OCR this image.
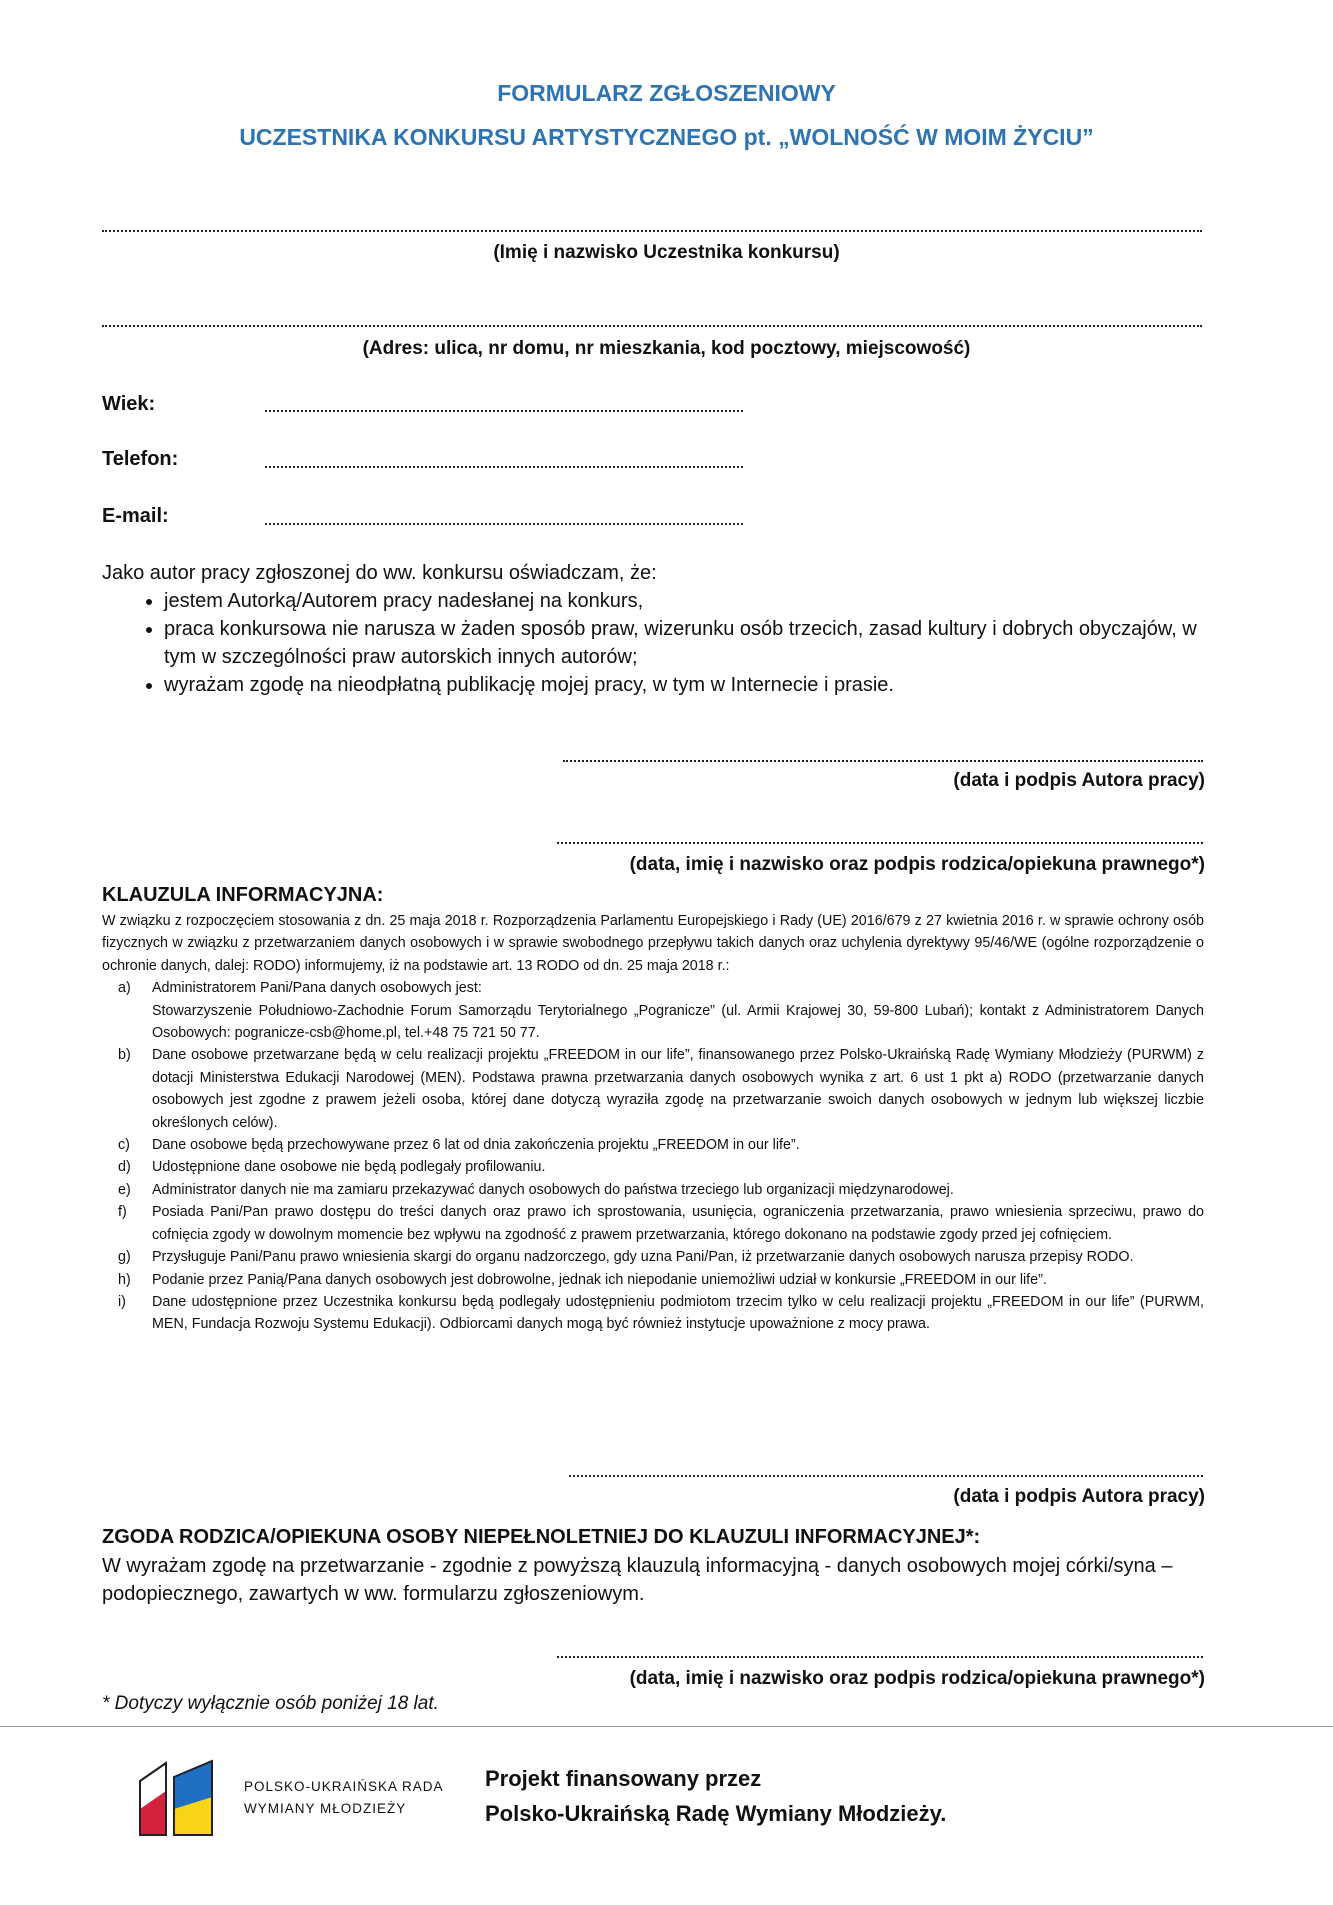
FORMULARZ ZGŁOSZENIOWY
UCZESTNIKA KONKURSU ARTYSTYCZNEGO pt. „WOLNOŚĆ W MOIM ŻYCIU”
(Imię i nazwisko Uczestnika konkursu)
(Adres: ulica, nr domu, nr mieszkania, kod pocztowy, miejscowość)
Wiek:
Telefon:
E-mail:
Jako autor pracy zgłoszonej do ww. konkursu oświadczam, że:
• jestem Autorką/Autorem pracy nadesłanej na konkurs,
• praca konkursowa nie narusza w żaden sposób praw, wizerunku osób trzecich, zasad kultury i dobrych obyczajów, w tym w szczególności praw autorskich innych autorów;
• wyrażam zgodę na nieodpłatną publikację mojej pracy, w tym w Internecie i prasie.
(data i podpis Autora pracy)
(data, imię i nazwisko oraz podpis rodzica/opiekuna prawnego*)
KLAUZULA INFORMACYJNA:

W związku z rozpoczęciem stosowania z dn. 25 maja 2018 r. Rozporządzenia Parlamentu Europejskiego i Rady (UE) 2016/679 z 27 kwietnia 2016 r. w sprawie ochrony osób fizycznych w związku z przetwarzaniem danych osobowych i w sprawie swobodnego przepływu takich danych oraz uchylenia dyrektywy 95/46/WE (ogólne rozporządzenie o ochronie danych, dalej: RODO) informujemy, iż na podstawie art. 13 RODO od dn. 25 maja 2018 r.:

a)	Administratorem Pani/Pana danych osobowych jest:
Stowarzyszenie Południowo-Zachodnie Forum Samorządu Terytorialnego „Pogranicze” (ul. Armii Krajowej 30, 59-800 Lubań); kontakt z Administratorem Danych Osobowych: pogranicze-csb@home.pl, tel.+48 75 721 50 77.
b)	Dane osobowe przetwarzane będą w celu realizacji projektu „FREEDOM in our life”, finansowanego przez Polsko-Ukraińską Radę Wymiany Młodzieży (PURWM) z dotacji Ministerstwa Edukacji Narodowej (MEN). Podstawa prawna przetwarzania danych osobowych wynika z art. 6 ust 1 pkt a) RODO (przetwarzanie danych osobowych jest zgodne z prawem jeżeli osoba, której dane dotyczą wyraziła zgodę na przetwarzanie swoich danych osobowych w jednym lub większej liczbie określonych celów).
c)	Dane osobowe będą przechowywane przez 6 lat od dnia zakończenia projektu „FREEDOM in our life”.
d)	Udostępnione dane osobowe nie będą podlegały profilowaniu.
e)	Administrator danych nie ma zamiaru przekazywać danych osobowych do państwa trzeciego lub organizacji międzynarodowej.
f)	Posiada Pani/Pan prawo dostępu do treści danych oraz prawo ich sprostowania, usunięcia, ograniczenia przetwarzania, prawo wniesienia sprzeciwu, prawo do cofnięcia zgody w dowolnym momencie bez wpływu na zgodność z prawem przetwarzania, którego dokonano na podstawie zgody przed jej cofnięciem.
g)	Przysługuje Pani/Panu prawo wniesienia skargi do organu nadzorczego, gdy uzna Pani/Pan, iż przetwarzanie danych osobowych narusza przepisy RODO.
h)	Podanie przez Panią/Pana danych osobowych jest dobrowolne, jednak ich niepodanie uniemożliwi udział w konkursie „FREEDOM in our life”.
i)	Dane udostępnione przez Uczestnika konkursu będą podlegały udostępnieniu podmiotom trzecim tylko w celu realizacji projektu „FREEDOM in our life” (PURWM, MEN, Fundacja Rozwoju Systemu Edukacji). Odbiorcami danych mogą być również instytucje upoważnione z mocy prawa.
(data i podpis Autora pracy)
ZGODA RODZICA/OPIEKUNA OSOBY NIEPEŁNOLETNIEJ DO KLAUZULI INFORMACYJNEJ*:
W wyrażam zgodę na przetwarzanie - zgodnie z powyższą klauzulą informacyjną - danych osobowych mojej córki/syna – podopiecznego, zawartych w ww. formularzu zgłoszeniowym.
(data, imię i nazwisko oraz podpis rodzica/opiekuna prawnego*)
* Dotyczy wyłącznie osób poniżej 18 lat.
POLSKO-UKRAIŃSKA RADA
WYMIANY MŁODZIEŻY
Projekt finansowany przez
Polsko-Ukraińską Radę Wymiany Młodzieży.
